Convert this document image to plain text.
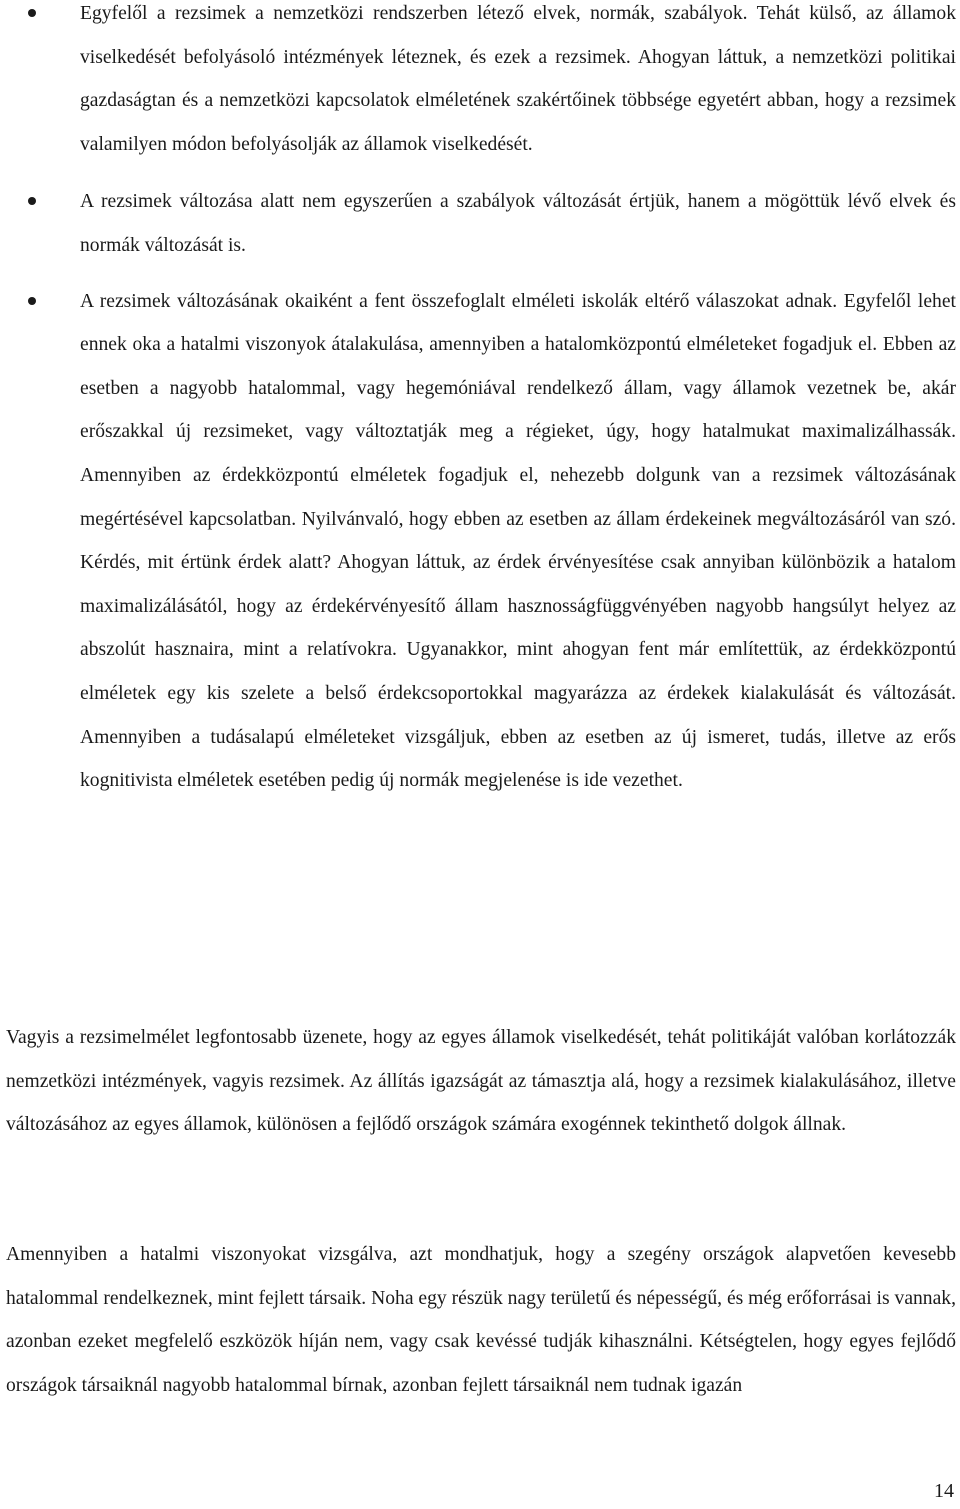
Egyfelől a rezsimek a nemzetközi rendszerben létező elvek, normák, szabályok. Tehát külső, az államok viselkedését befolyásoló intézmények léteznek, és ezek a rezsimek. Ahogyan láttuk, a nemzetközi politikai gazdaságtan és a nemzetközi kapcsolatok elméletének szakértőinek többsége egyetért abban, hogy a rezsimek valamilyen módon befolyásolják az államok viselkedését.
A rezsimek változása alatt nem egyszerűen a szabályok változását értjük, hanem a mögöttük lévő elvek és normák változását is.
A rezsimek változásának okaiként a fent összefoglalt elméleti iskolák eltérő válaszokat adnak. Egyfelől lehet ennek oka a hatalmi viszonyok átalakulása, amennyiben a hatalomközpontú elméleteket fogadjuk el. Ebben az esetben a nagyobb hatalommal, vagy hegemóniával rendelkező állam, vagy államok vezetnek be, akár erőszakkal új rezsimeket, vagy változtatják meg a régieket, úgy, hogy hatalmukat maximalizálhassák. Amennyiben az érdekközpontú elméletek fogadjuk el, nehezebb dolgunk van a rezsimek változásának megértésével kapcsolatban. Nyilvánvaló, hogy ebben az esetben az állam érdekeinek megváltozásáról van szó. Kérdés, mit értünk érdek alatt? Ahogyan láttuk, az érdek érvényesítése csak annyiban különbözik a hatalom maximalizálásától, hogy az érdekérvényesítő állam hasznosságfüggvényében nagyobb hangsúlyt helyez az abszolút hasznaira, mint a relatívokra. Ugyanakkor, mint ahogyan fent már említettük, az érdekközpontú elméletek egy kis szelete a belső érdekcsoportokkal magyarázza az érdekek kialakulását és változását. Amennyiben a tudásalapú elméleteket vizsgáljuk, ebben az esetben az új ismeret, tudás, illetve az erős kognitivista elméletek esetében pedig új normák megjelenése is ide vezethet.

Vagyis a rezsimelmélet legfontosabb üzenete, hogy az egyes államok viselkedését, tehát politikáját valóban korlátozzák nemzetközi intézmények, vagyis rezsimek. Az állítás igazságát az támasztja alá, hogy a rezsimek kialakulásához, illetve változásához az egyes államok, különösen a fejlődő országok számára exogénnek tekinthető dolgok állnak.

Amennyiben a hatalmi viszonyokat vizsgálva, azt mondhatjuk, hogy a szegény országok alapvetően kevesebb hatalommal rendelkeznek, mint fejlett társaik. Noha egy részük nagy területű és népességű, és még erőforrásai is vannak, azonban ezeket megfelelő eszközök híján nem, vagy csak kevéssé tudják kihasználni. Kétségtelen, hogy egyes fejlődő országok társaiknál nagyobb hatalommal bírnak, azonban fejlett társaiknál nem tudnak igazán

14
